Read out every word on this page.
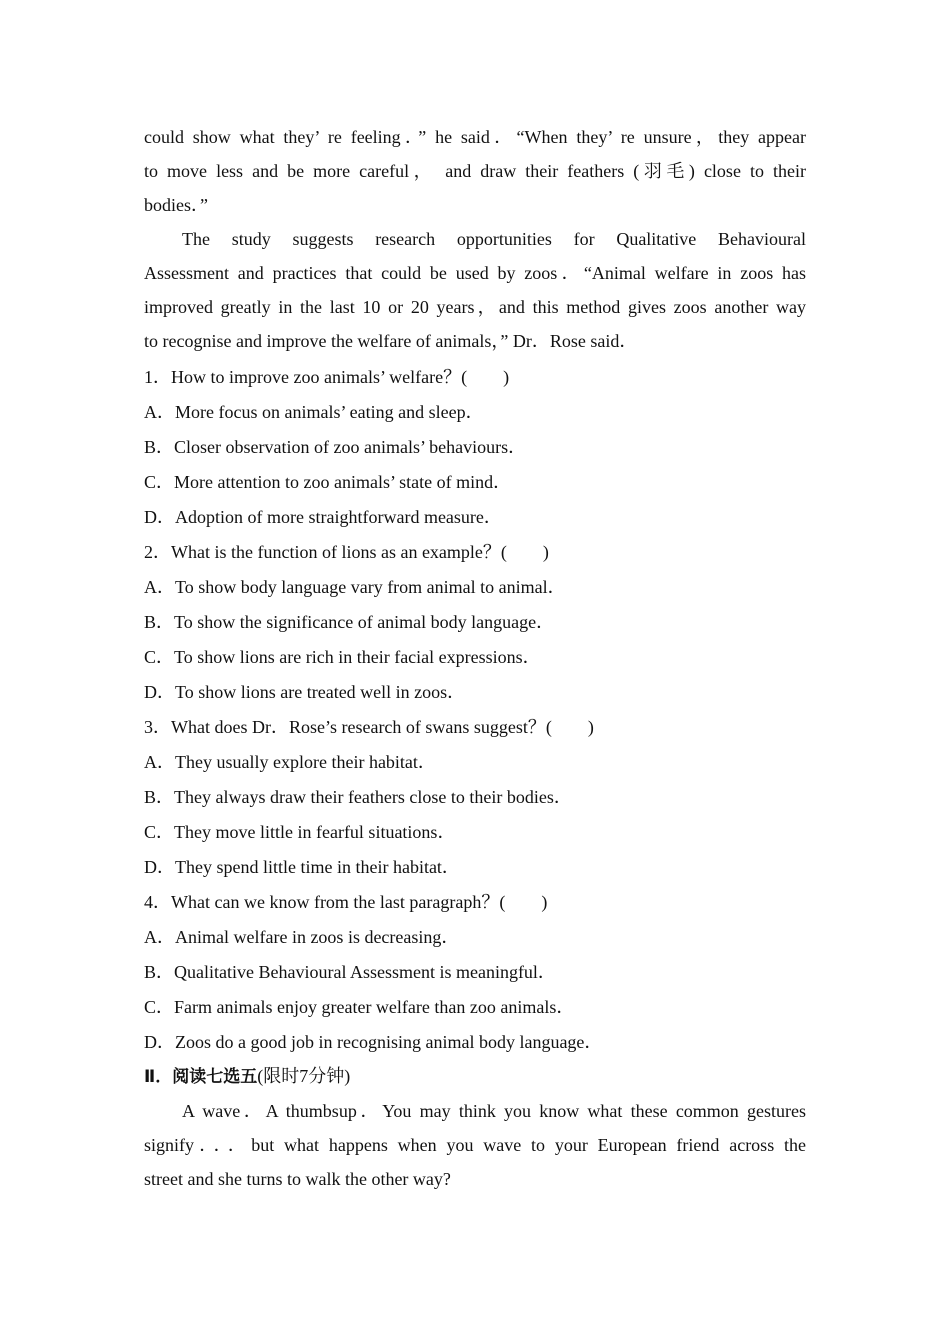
could show what they’ re feeling．” he said．“When they’ re unsure，they appear
to move less and be more careful， and draw their feathers (羽毛) close to their
bodies．”
The study suggests research opportunities for Qualitative Behavioural
Assessment and practices that could be used by zoos．“Animal welfare in zoos has
improved greatly in the last 10 or 20 years，and this method gives zoos another way
to recognise and improve the welfare of animals，” Dr．Rose said．
1．How to improve zoo animals’ welfare？(　　)
A．More focus on animals’ eating and sleep．
B．Closer observation of zoo animals’ behaviours．
C．More attention to zoo animals’ state of mind．
D．Adoption of more straightforward measure．
2．What is the function of lions as an example？(　　)
A．To show body language vary from animal to animal．
B．To show the significance of animal body language．
C．To show lions are rich in their facial expressions．
D．To show lions are treated well in zoos．
3．What does Dr．Rose’s research of swans suggest？(　　)
A．They usually explore their habitat．
B．They always draw their feathers close to their bodies．
C．They move little in fearful situations．
D．They spend little time in their habitat．
4．What can we know from the last paragraph？(　　)
A．Animal welfare in zoos is decreasing．
B．Qualitative Behavioural Assessment is meaningful．
C．Farm animals enjoy greater welfare than zoo animals．
D．Zoos do a good job in recognising animal body language．
Ⅱ．阅读七选五(限时7分钟)
A wave．A thumbsup．You may think you know what these common gestures
signify．．．but what happens when you wave to your European friend across the
street and she turns to walk the other way?
